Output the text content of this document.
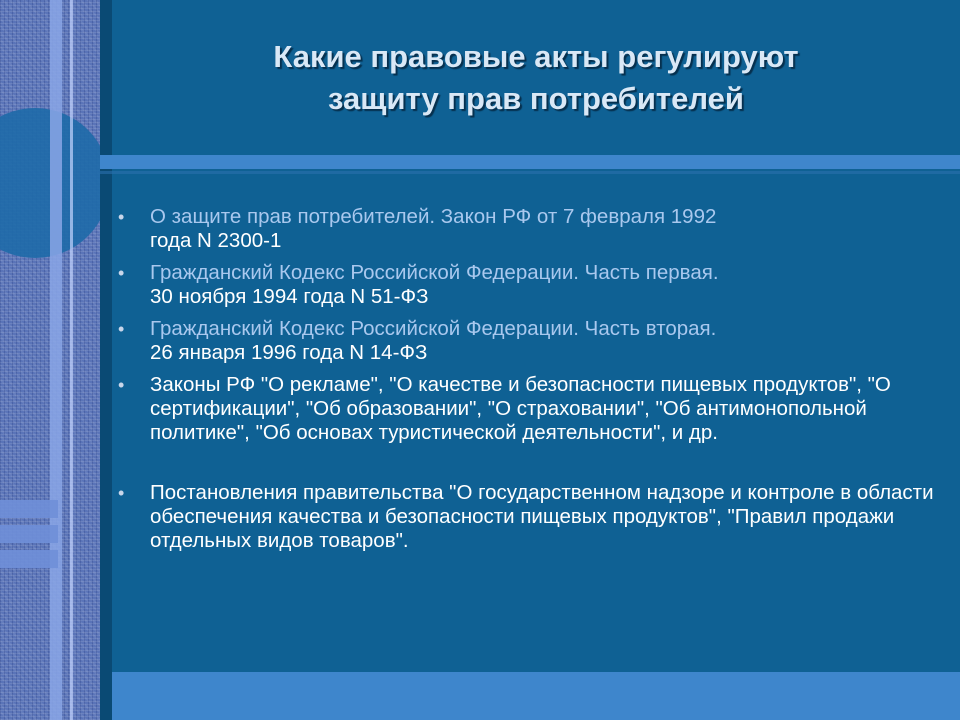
Какие правовые акты регулируют
защиту прав потребителей
• О защите прав потребителей. Закон РФ от 7 февраля 1992
года N 2300-1
• Гражданский Кодекс Российской Федерации. Часть первая.
30 ноября 1994 года N 51-ФЗ
• Гражданский Кодекс Российской Федерации. Часть вторая.
26 января 1996 года N 14-ФЗ
• Законы РФ "О рекламе", "О качестве и безопасности пищевых продуктов", "О сертификации", "Об образовании", "О страховании", "Об антимонопольной политике", "Об основах туристической деятельности", и др.
• Постановления правительства "О государственном надзоре и контроле в области обеспечения качества и безопасности пищевых продуктов", "Правил продажи отдельных видов товаров".
